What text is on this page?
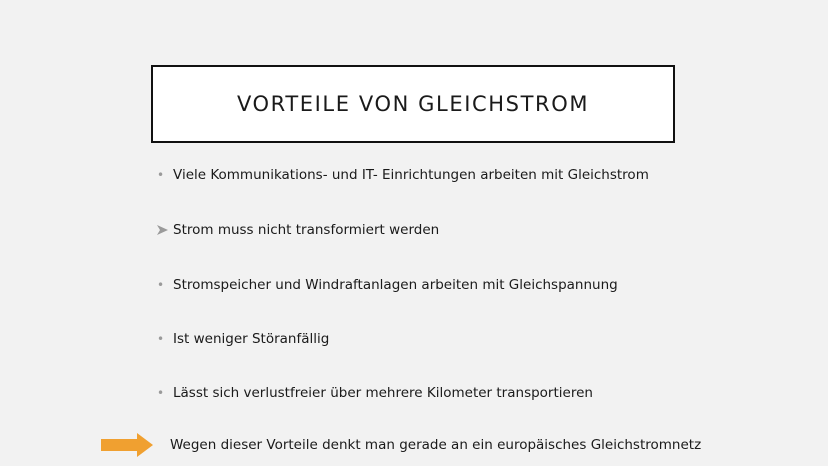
VORTEILE VON GLEICHSTROM
• Viele Kommunikations- und IT- Einrichtungen arbeiten mit Gleichstrom
Strom muss nicht transformiert werden
• Stromspeicher und Windraftanlagen arbeiten mit Gleichspannung
• Ist weniger Störanfällig
• Lässt sich verlustfreier über mehrere Kilometer transportieren
Wegen dieser Vorteile denkt man gerade an ein europäisches Gleichstromnetz
